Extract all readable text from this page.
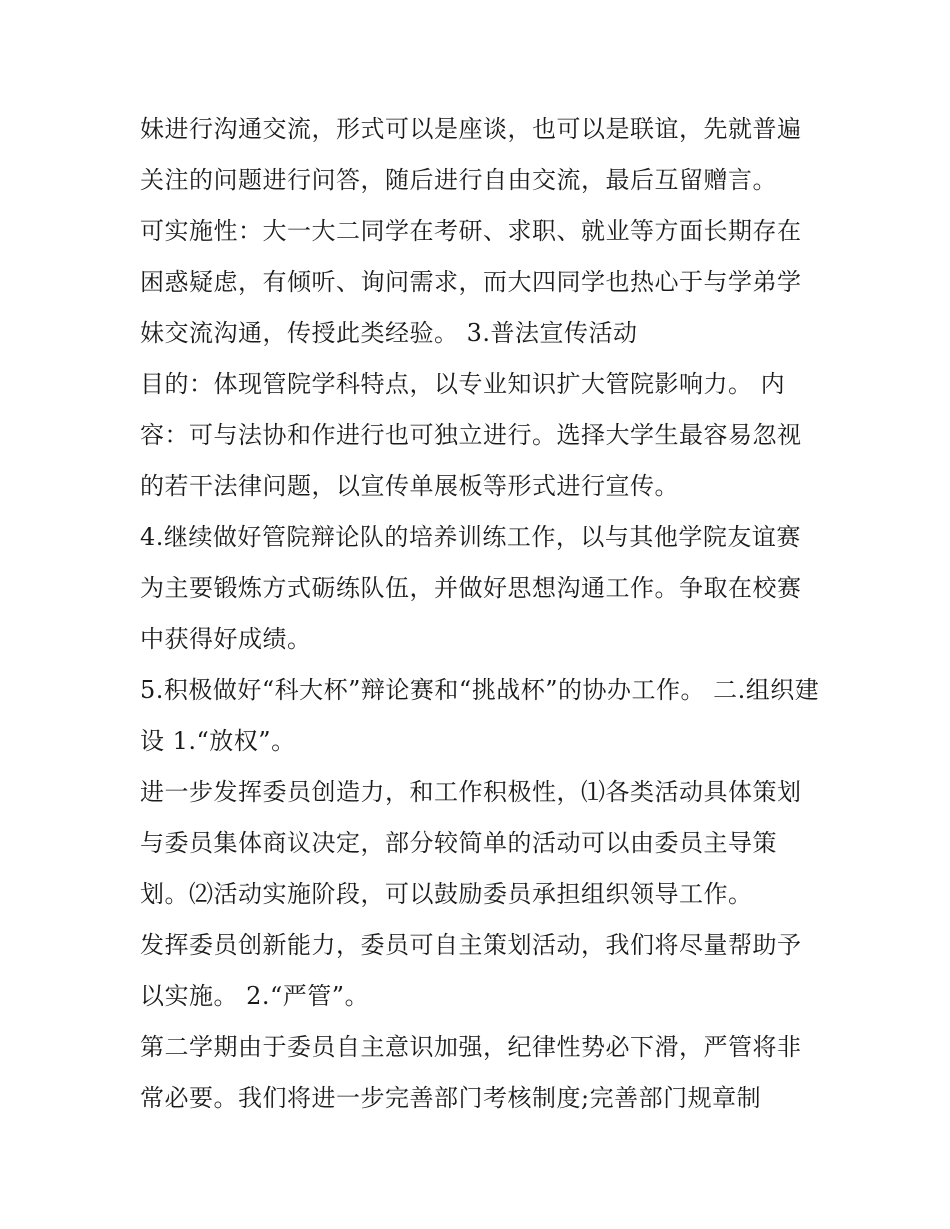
妹进行沟通交流，形式可以是座谈，也可以是联谊，先就普遍
关注的问题进行问答，随后进行自由交流，最后互留赠言。
可实施性：大一大二同学在考研、求职、就业等方面长期存在
困惑疑虑，有倾听、询问需求，而大四同学也热心于与学弟学
妹交流沟通，传授此类经验。 3.普法宣传活动
目的：体现管院学科特点，以专业知识扩大管院影响力。 内
容：可与法协和作进行也可独立进行。选择大学生最容易忽视
的若干法律问题，以宣传单展板等形式进行宣传。
4.继续做好管院辩论队的培养训练工作，以与其他学院友谊赛
为主要锻炼方式砺练队伍，并做好思想沟通工作。争取在校赛
中获得好成绩。
5.积极做好“科大杯”辩论赛和“挑战杯”的协办工作。 二.组织建
设 1.“放权”。
进一步发挥委员创造力，和工作积极性，⑴各类活动具体策划
与委员集体商议决定，部分较简单的活动可以由委员主导策
划。⑵活动实施阶段，可以鼓励委员承担组织领导工作。
发挥委员创新能力，委员可自主策划活动，我们将尽量帮助予
以实施。 2.“严管”。
第二学期由于委员自主意识加强，纪律性势必下滑，严管将非
常必要。我们将进一步完善部门考核制度;完善部门规章制
